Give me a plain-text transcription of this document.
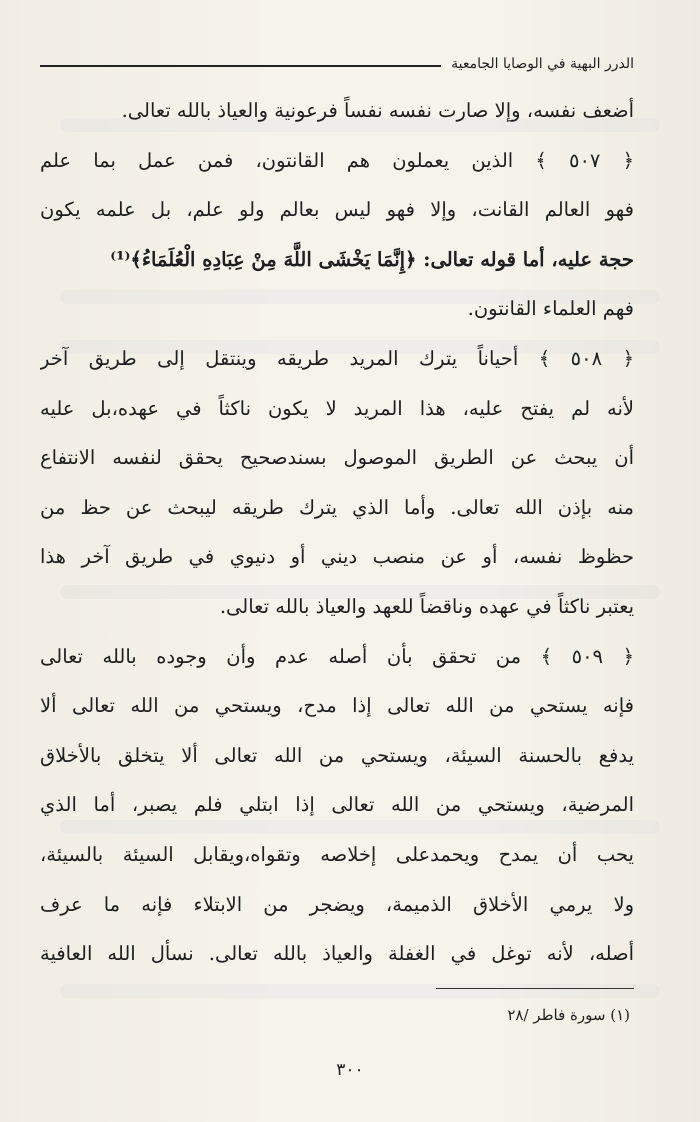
الدرر البهية في الوصايا الجامعية
أضعف نفسه، وإلا صارت نفسه نفساً فرعونية والعياذ بالله تعالى.
﴿ ٥٠٧ ﴾ الذين يعملون هم القانتون، فمن عمل بما علم
فهو العالم القانت، وإلا فهو ليس بعالم ولو علم، بل علمه يكون
حجة عليه، أما قوله تعالى: ﴿إِنَّمَا يَخْشَى اللَّهَ مِنْ عِبَادِهِ الْعُلَمَاءُ﴾⁽¹⁾
فهم العلماء القانتون.
﴿ ٥٠٨ ﴾ أحياناً يترك المريد طريقه وينتقل إلى طريق آخر
لأنه لم يفتح عليه، هذا المريد لا يكون ناكثاً في عهده،بل عليه
أن يبحث عن الطريق الموصول بسندصحيح يحقق لنفسه الانتفاع
منه بإذن الله تعالى. وأما الذي يترك طريقه ليبحث عن حظ من
حظوظ نفسه، أو عن منصب ديني أو دنيوي في طريق آخر هذا
يعتبر ناكثاً في عهده وناقضاً للعهد والعياذ بالله تعالى.
﴿ ٥٠٩ ﴾ من تحقق بأن أصله عدم وأن وجوده بالله تعالى
فإنه يستحي من الله تعالى إذا مدح، ويستحي من الله تعالى ألا
يدفع بالحسنة السيئة، ويستحي من الله تعالى ألا يتخلق بالأخلاق
المرضية، ويستحي من الله تعالى إذا ابتلي فلم يصبر، أما الذي
يحب أن يمدح ويحمدعلى إخلاصه وتقواه،ويقابل السيئة بالسيئة،
ولا يرمي الأخلاق الذميمة، ويضجر من الابتلاء فإنه ما عرف
أصله، لأنه توغل في الغفلة والعياذ بالله تعالى. نسأل الله العافية
(١) سورة فاطر /٢٨
٣٠٠
